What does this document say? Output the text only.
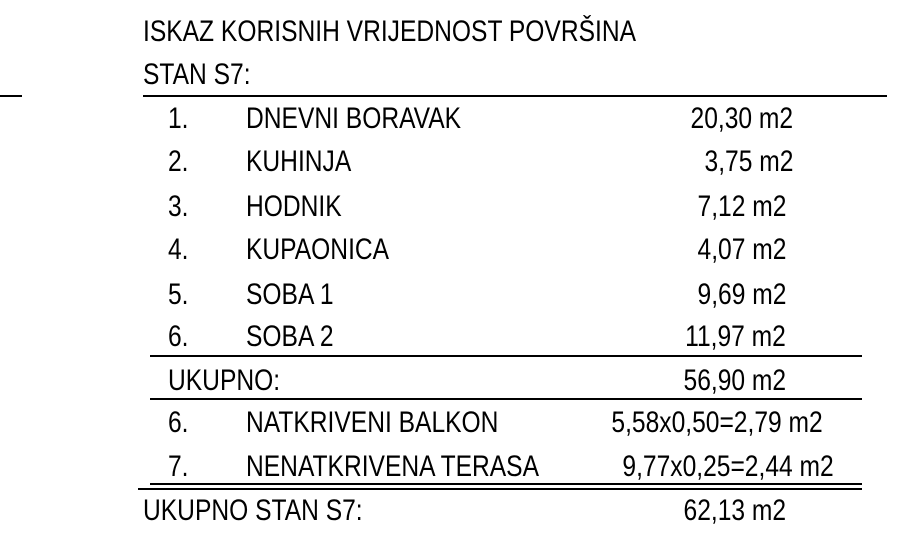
ISKAZ KORISNIH VRIJEDNOST POVRŠINA
STAN S7:
1. DNEVNI BORAVAK	20,30 m2
2. KUHINJA	3,75 m2
3. HODNIK	7,12 m2
4. KUPAONICA	4,07 m2
5. SOBA 1	9,69 m2
6. SOBA 2	11,97 m2
UKUPNO:	56,90 m2
6. NATKRIVENI BALKON	5,58x0,50=2,79 m2
7. NENATKRIVENA TERASA	9,77x0,25=2,44 m2
UKUPNO STAN S7:	62,13 m2
